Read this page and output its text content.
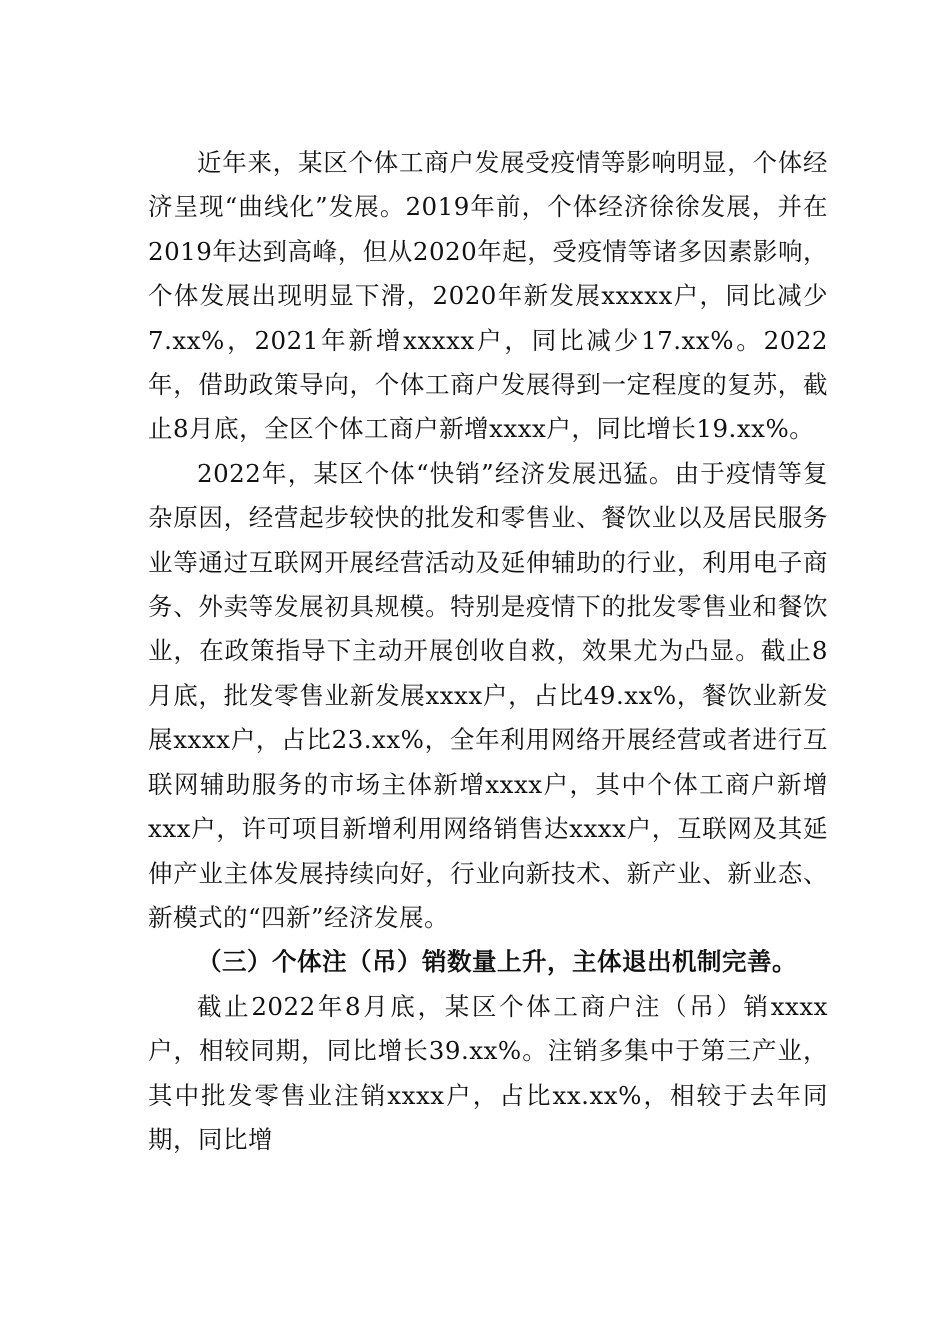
近年来，某区个体工商户发展受疫情等影响明显，个体经济呈现“曲线化”发展。2019年前，个体经济徐徐发展，并在2019年达到高峰，但从2020年起，受疫情等诸多因素影响，个体发展出现明显下滑，2020年新发展xxxxx户，同比减少7.xx%，2021年新增xxxxx户，同比减少17.xx%。2022年，借助政策导向，个体工商户发展得到一定程度的复苏，截止8月底，全区个体工商户新增xxxx户，同比增长19.xx%。

2022年，某区个体“快销”经济发展迅猛。由于疫情等复杂原因，经营起步较快的批发和零售业、餐饮业以及居民服务业等通过互联网开展经营活动及延伸辅助的行业，利用电子商务、外卖等发展初具规模。特别是疫情下的批发零售业和餐饮业，在政策指导下主动开展创收自救，效果尤为凸显。截止8月底，批发零售业新发展xxxx户，占比49.xx%，餐饮业新发展xxxx户，占比23.xx%，全年利用网络开展经营或者进行互联网辅助服务的市场主体新增xxxx户，其中个体工商户新增xxx户，许可项目新增利用网络销售达xxxx户，互联网及其延伸产业主体发展持续向好，行业向新技术、新产业、新业态、新模式的“四新”经济发展。

（三）个体注（吊）销数量上升，主体退出机制完善。

截止2022年8月底，某区个体工商户注（吊）销xxxx户，相较同期，同比增长39.xx%。注销多集中于第三产业，其中批发零售业注销xxxx户，占比xx.xx%，相较于去年同期，同比增
